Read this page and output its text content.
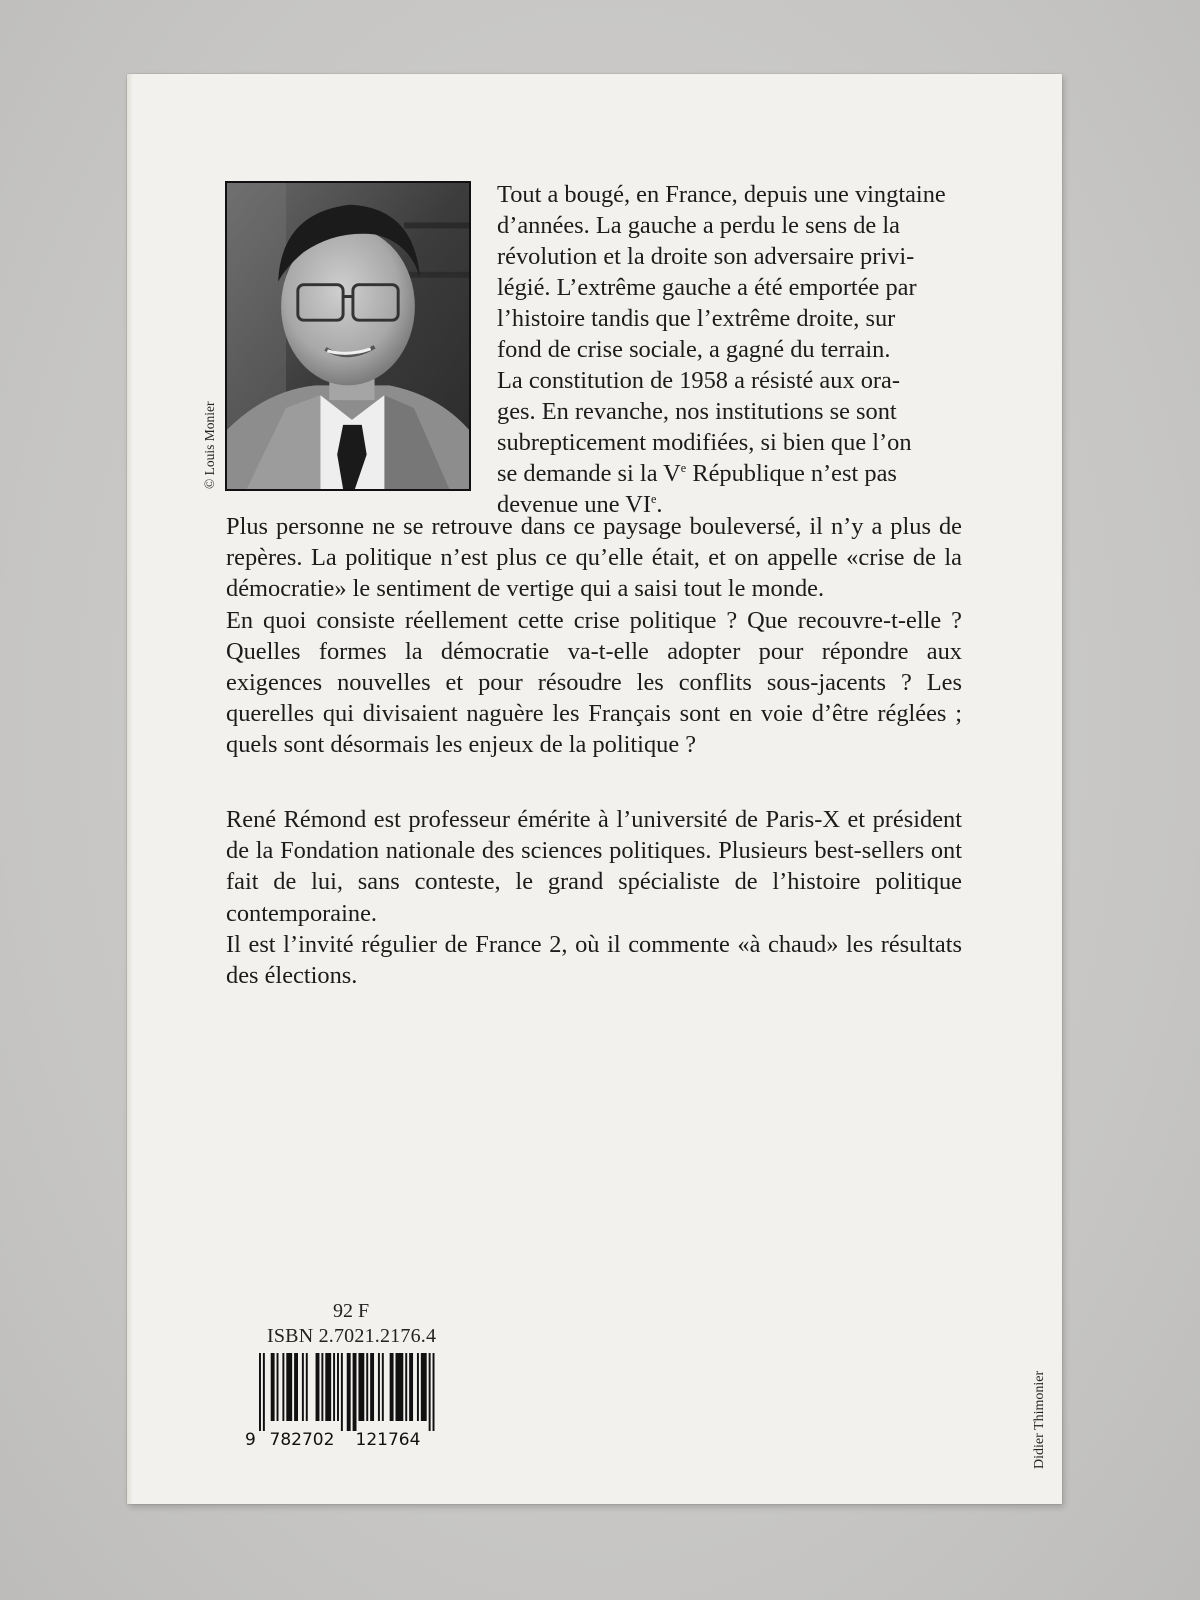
© Louis Monier

Tout a bougé, en France, depuis une vingtaine

d’années. La gauche a perdu le sens de la

révolution et la droite son adversaire privi-

légié. L’extrême gauche a été emportée par

l’histoire tandis que l’extrême droite, sur

fond de crise sociale, a gagné du terrain.

La constitution de 1958 a résisté aux ora-

ges. En revanche, nos institutions se sont

subrepticement modifiées, si bien que l’on

se demande si la Ve République n’est pas

devenue une VIe.

Plus personne ne se retrouve dans ce paysage bouleversé, il n’y a plus de repères. La politique n’est plus ce qu’elle était, et on appelle «crise de la démocratie» le sentiment de vertige qui a saisi tout le monde.

En quoi consiste réellement cette crise politique ? Que recouvre-t-elle ? Quelles formes la démocratie va-t-elle adopter pour répondre aux exigences nouvelles et pour résoudre les conflits sous-jacents ? Les querelles qui divisaient naguère les Français sont en voie d’être réglées ; quels sont désormais les enjeux de la politique ?

René Rémond est professeur émérite à l’université de Paris-X et président de la Fondation nationale des sciences politiques. Plusieurs best-sellers ont fait de lui, sans conteste, le grand spécialiste de l’histoire politique contemporaine.

Il est l’invité régulier de France 2, où il commente «à chaud» les résultats des élections.

92 F
ISBN 2.7021.2176.4
9 782702 121764	Didier Thimonier
